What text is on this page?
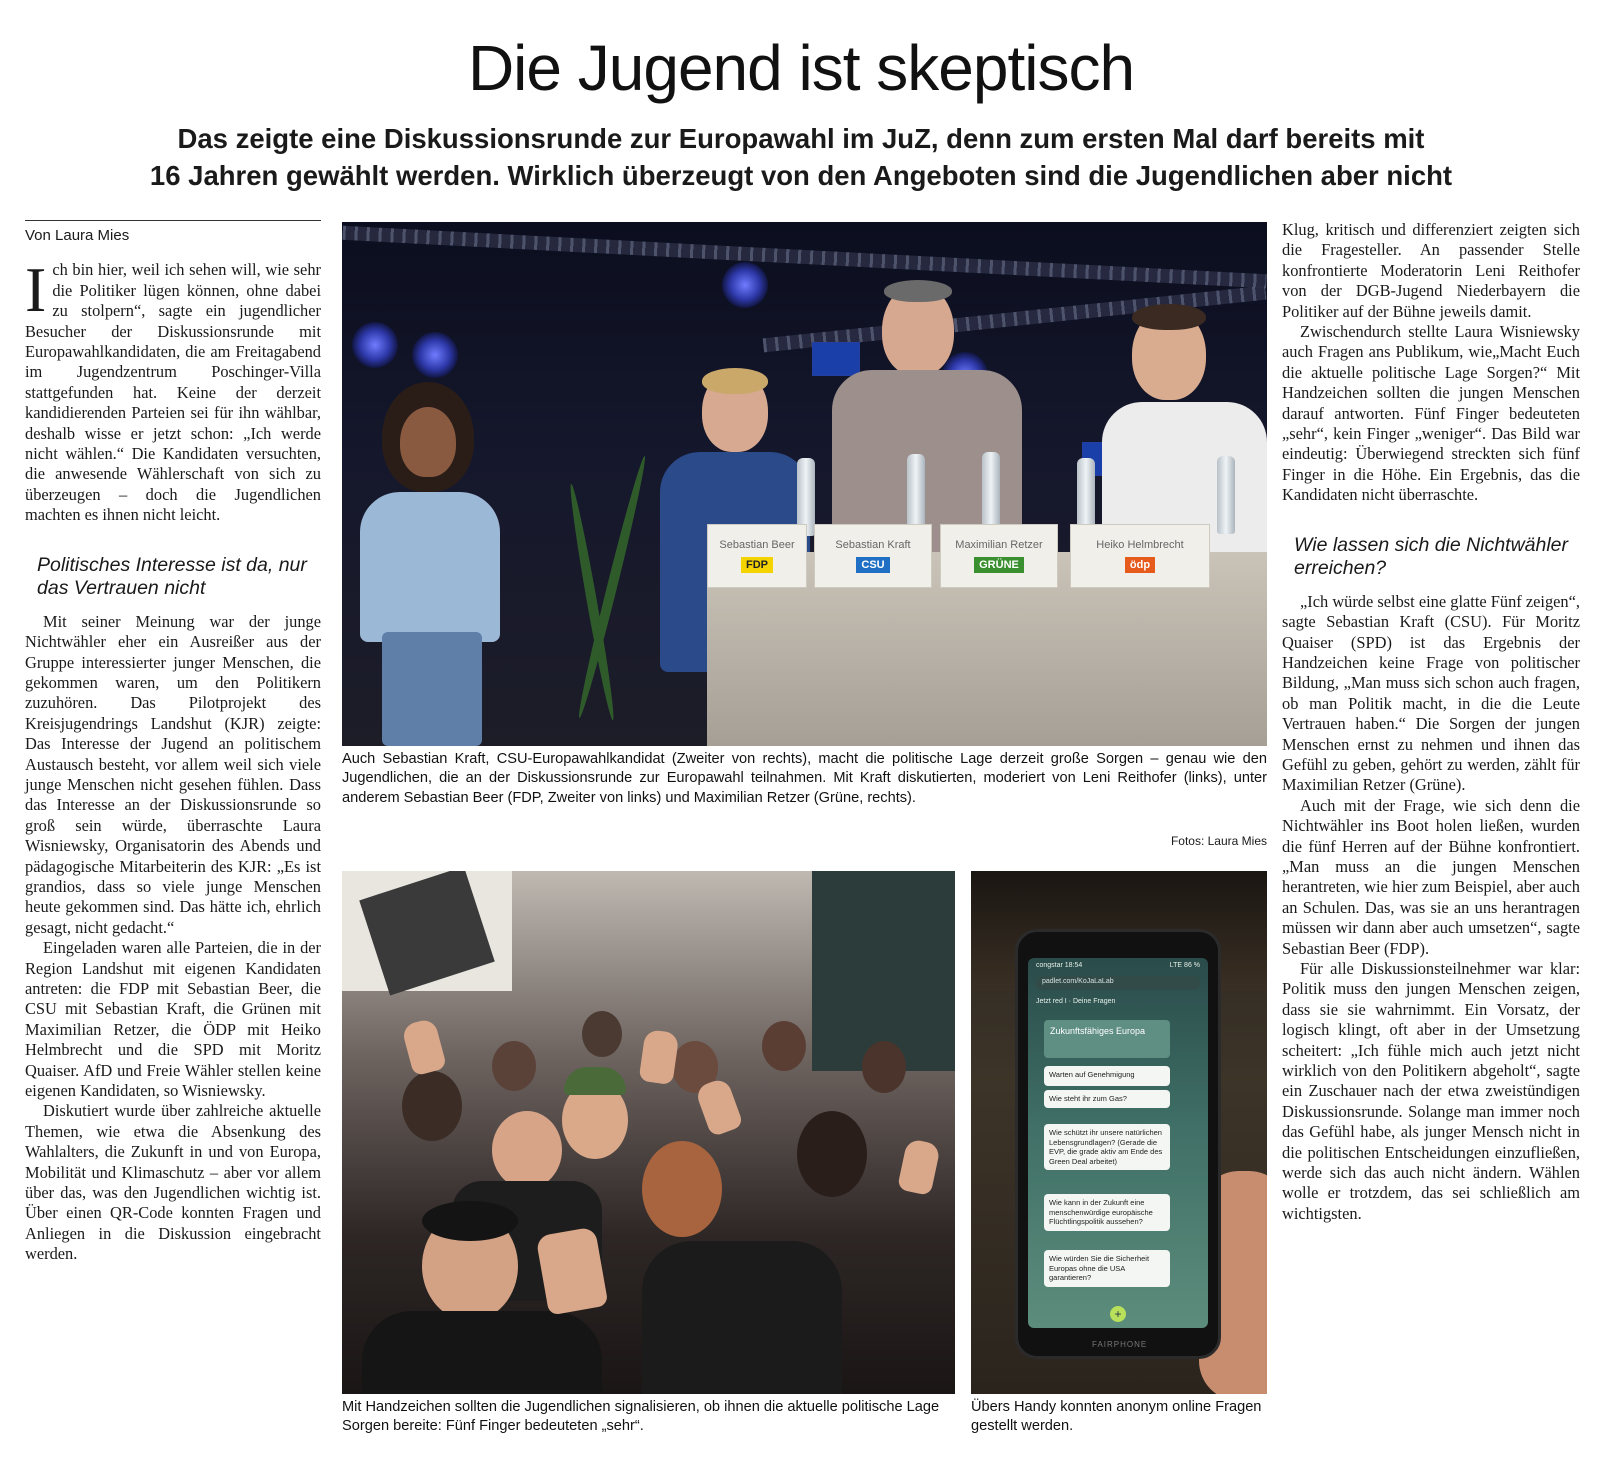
Die Jugend ist skeptisch
Das zeigte eine Diskussionsrunde zur Europawahl im JuZ, denn zum ersten Mal darf bereits mit
16 Jahren gewählt werden. Wirklich überzeugt von den Angeboten sind die Jugendlichen aber nicht
Von Laura Mies

Ich bin hier, weil ich sehen will, wie sehr die Politiker lügen können, ohne dabei zu stolpern“, sagte ein jugendlicher Besucher der Diskussionsrunde mit Europawahlkandidaten, die am Freitagabend im Jugendzentrum Poschinger-Villa stattgefunden hat. Keine der derzeit kandidierenden Parteien sei für ihn wählbar, deshalb wisse er jetzt schon: „Ich werde nicht wählen.“ Die Kandidaten versuchten, die anwesende Wählerschaft von sich zu überzeugen – doch die Jugendlichen machten es ihnen nicht leicht.

Politisches Interesse ist da, nur das Vertrauen nicht

Mit seiner Meinung war der junge Nichtwähler eher ein Ausreißer aus der Gruppe interessierter junger Menschen, die gekommen waren, um den Politikern zuzuhören. Das Pilotprojekt des Kreisjugendrings Landshut (KJR) zeigte: Das Interesse der Jugend an politischem Austausch besteht, vor allem weil sich viele junge Menschen nicht gesehen fühlen. Dass das Interesse an der Diskussionsrunde so groß sein würde, überraschte Laura Wisniewsky, Organisatorin des Abends und pädagogische Mitarbeiterin des KJR: „Es ist grandios, dass so viele junge Menschen heute gekommen sind. Das hätte ich, ehrlich gesagt, nicht gedacht.“

Eingeladen waren alle Parteien, die in der Region Landshut mit eigenen Kandidaten antreten: die FDP mit Sebastian Beer, die CSU mit Sebastian Kraft, die Grünen mit Maximilian Retzer, die ÖDP mit Heiko Helmbrecht und die SPD mit Moritz Quaiser. AfD und Freie Wähler stellen keine eigenen Kandidaten, so Wisniewsky.

Diskutiert wurde über zahlreiche aktuelle Themen, wie etwa die Absenkung des Wahlalters, die Zukunft in und von Europa, Mobilität und Klimaschutz – aber vor allem über das, was den Jugendlichen wichtig ist. Über einen QR-Code konnten Fragen und Anliegen in die Diskussion eingebracht werden.

Sebastian Beer
FDP
Sebastian Kraft
CSU
Maximilian Retzer
GRÜNE
Heiko Helmbrecht
ödp
Auch Sebastian Kraft, CSU-Europawahlkandidat (Zweiter von rechts), macht die politische Lage derzeit große Sorgen – genau wie den Jugendlichen, die an der Diskussionsrunde zur Europawahl teilnahmen. Mit Kraft diskutierten, moderiert von Leni Reithofer (links), unter anderem Sebastian Beer (FDP, Zweiter von links) und Maximilian Retzer (Grüne, rechts).
Fotos: Laura Mies
Mit Handzeichen sollten die Jugendlichen signalisieren, ob ihnen die aktuelle politische Lage Sorgen bereite: Fünf Finger bedeuteten „sehr“.
congstar 18:54	LTE 86 %
padlet.com/KoJaLaLab
Jetzt red I · Deine Fragen
Zukunftsfähiges Europa
Warten auf Genehmigung
Wie steht ihr zum Gas?
Wie schützt ihr unsere natürlichen Lebensgrundlagen? (Gerade die EVP, die grade aktiv am Ende des Green Deal arbeitet)
Wie kann in der Zukunft eine menschenwürdige europäische Flüchtlingspolitik aussehen?
Wie würden Sie die Sicherheit Europas ohne die USA garantieren?
+
FAIRPHONE
Übers Handy konnten anonym online Fragen gestellt werden.

Klug, kritisch und differenziert zeigten sich die Fragesteller. An passender Stelle konfrontierte Moderatorin Leni Reithofer von der DGB-Jugend Niederbayern die Politiker auf der Bühne jeweils damit.

Zwischendurch stellte Laura Wisniewsky auch Fragen ans Publikum, wie„Macht Euch die aktuelle politische Lage Sorgen?“ Mit Handzeichen sollten die jungen Menschen darauf antworten. Fünf Finger bedeuteten „sehr“, kein Finger „weniger“. Das Bild war eindeutig: Überwiegend streckten sich fünf Finger in die Höhe. Ein Ergebnis, das die Kandidaten nicht überraschte.

Wie lassen sich die Nichtwähler erreichen?

„Ich würde selbst eine glatte Fünf zeigen“, sagte Sebastian Kraft (CSU). Für Moritz Quaiser (SPD) ist das Ergebnis der Handzeichen keine Frage von politischer Bildung, „Man muss sich schon auch fragen, ob man Politik macht, in die die Leute Vertrauen haben.“ Die Sorgen der jungen Menschen ernst zu nehmen und ihnen das Gefühl zu geben, gehört zu werden, zählt für Maximilian Retzer (Grüne).

Auch mit der Frage, wie sich denn die Nichtwähler ins Boot holen ließen, wurden die fünf Herren auf der Bühne konfrontiert. „Man muss an die jungen Menschen herantreten, wie hier zum Beispiel, aber auch an Schulen. Das, was sie an uns herantragen müssen wir dann aber auch umsetzen“, sagte Sebastian Beer (FDP).

Für alle Diskussionsteilnehmer war klar: Politik muss den jungen Menschen zeigen, dass sie sie wahrnimmt. Ein Vorsatz, der logisch klingt, oft aber in der Umsetzung scheitert: „Ich fühle mich auch jetzt nicht wirklich von den Politikern abgeholt“, sagte ein Zuschauer nach der etwa zweistündigen Diskussionsrunde. Solange man immer noch das Gefühl habe, als junger Mensch nicht in die politischen Entscheidungen einzufließen, werde sich das auch nicht ändern. Wählen wolle er trotzdem, das sei schließlich am wichtigsten.
